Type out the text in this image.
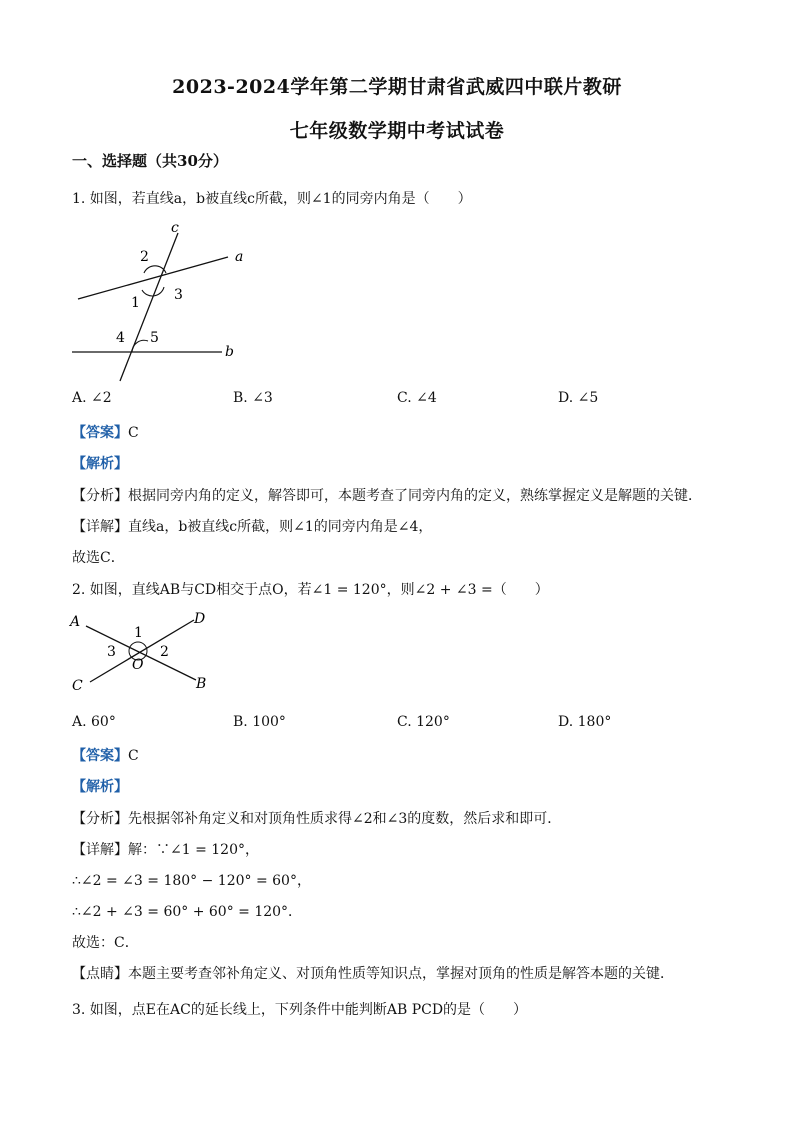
2023-2024学年第二学期甘肃省武威四中联片教研
七年级数学期中考试试卷
一、选择题（共30分）
1. 如图，若直线a，b被直线c所截，则∠1的同旁内角是（　　）
c
a
b
1
2
3
4 5
A. ∠2	B. ∠3	C. ∠4	D. ∠5
【答案】C
【解析】
【分析】根据同旁内角的定义，解答即可，本题考查了同旁内角的定义，熟练掌握定义是解题的关键．
【详解】直线a，b被直线c所截，则∠1的同旁内角是∠4，
故选C．
2. 如图，直线AB与CD相交于点O，若∠1 = 120°，则∠2 + ∠3 =（　　）
A	D
C	B
O
1
2
3
A. 60°	B. 100°	C. 120°	D. 180°
【答案】C
【解析】
【分析】先根据邻补角定义和对顶角性质求得∠2和∠3的度数，然后求和即可．
【详解】解：∵∠1 = 120°，
∴∠2 = ∠3 = 180° − 120° = 60°，
∴∠2 + ∠3 = 60° + 60° = 120°．
故选：C．
【点睛】本题主要考查邻补角定义、对顶角性质等知识点，掌握对顶角的性质是解答本题的关键．
3. 如图，点E在AC的延长线上，下列条件中能判断AB PCD的是（　　）
